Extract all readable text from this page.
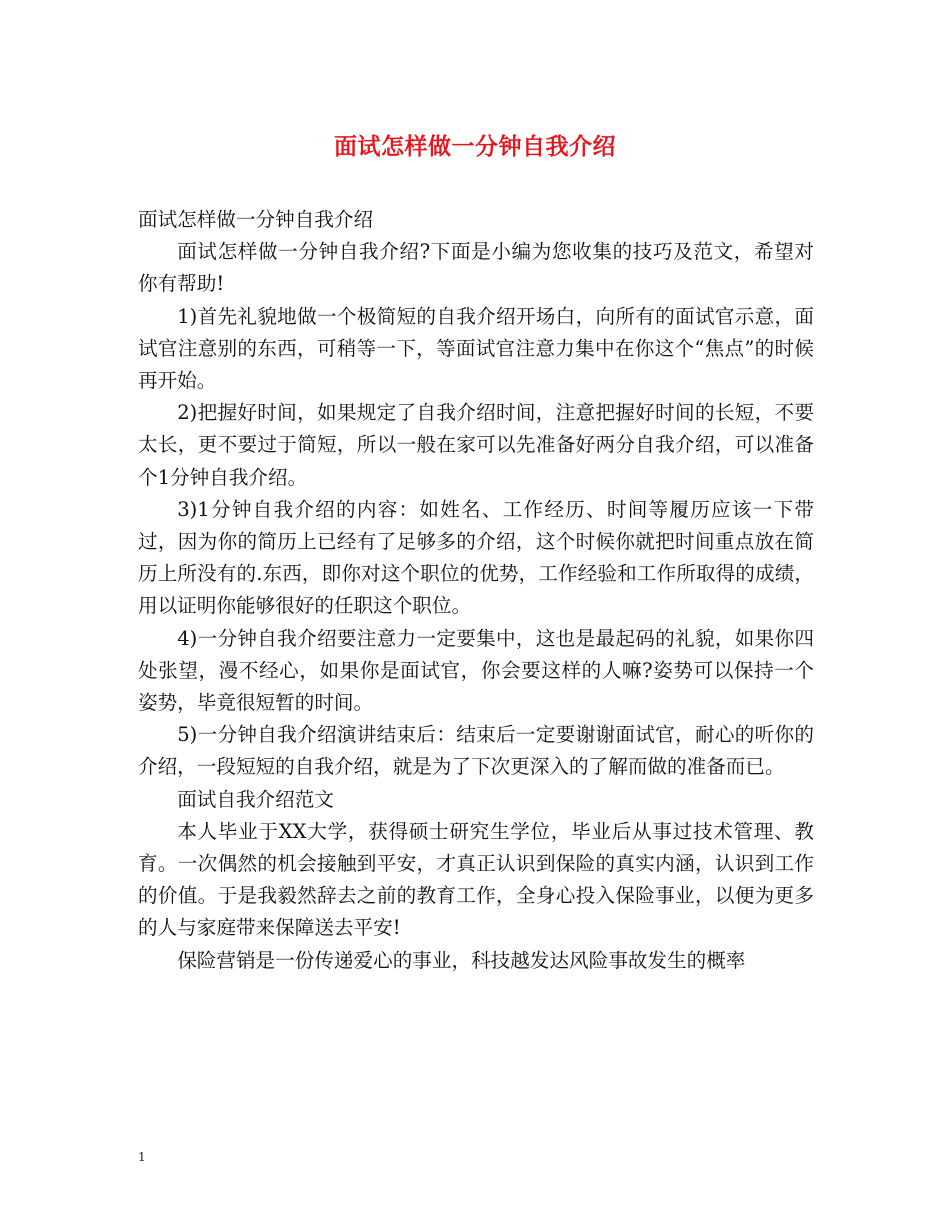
面试怎样做一分钟自我介绍

面试怎样做一分钟自我介绍

面试怎样做一分钟自我介绍?下面是小编为您收集的技巧及范文，希望对你有帮助!

1)首先礼貌地做一个极简短的自我介绍开场白，向所有的面试官示意，面试官注意别的东西，可稍等一下，等面试官注意力集中在你这个“焦点”的时候再开始。

2)把握好时间，如果规定了自我介绍时间，注意把握好时间的长短，不要太长，更不要过于简短，所以一般在家可以先准备好两分自我介绍，可以准备个1分钟自我介绍。

3)1分钟自我介绍的内容：如姓名、工作经历、时间等履历应该一下带过，因为你的简历上已经有了足够多的介绍，这个时候你就把时间重点放在简历上所没有的.东西，即你对这个职位的优势，工作经验和工作所取得的成绩，用以证明你能够很好的任职这个职位。

4)一分钟自我介绍要注意力一定要集中，这也是最起码的礼貌，如果你四处张望，漫不经心，如果你是面试官，你会要这样的人嘛?姿势可以保持一个姿势，毕竟很短暂的时间。

5)一分钟自我介绍演讲结束后：结束后一定要谢谢面试官，耐心的听你的介绍，一段短短的自我介绍，就是为了下次更深入的了解而做的准备而已。

面试自我介绍范文

本人毕业于XX大学，获得硕士研究生学位，毕业后从事过技术管理、教育。一次偶然的机会接触到平安，才真正认识到保险的真实内涵，认识到工作的价值。于是我毅然辞去之前的教育工作，全身心投入保险事业，以便为更多的人与家庭带来保障送去平安!

保险营销是一份传递爱心的事业，科技越发达风险事故发生的概率

1
